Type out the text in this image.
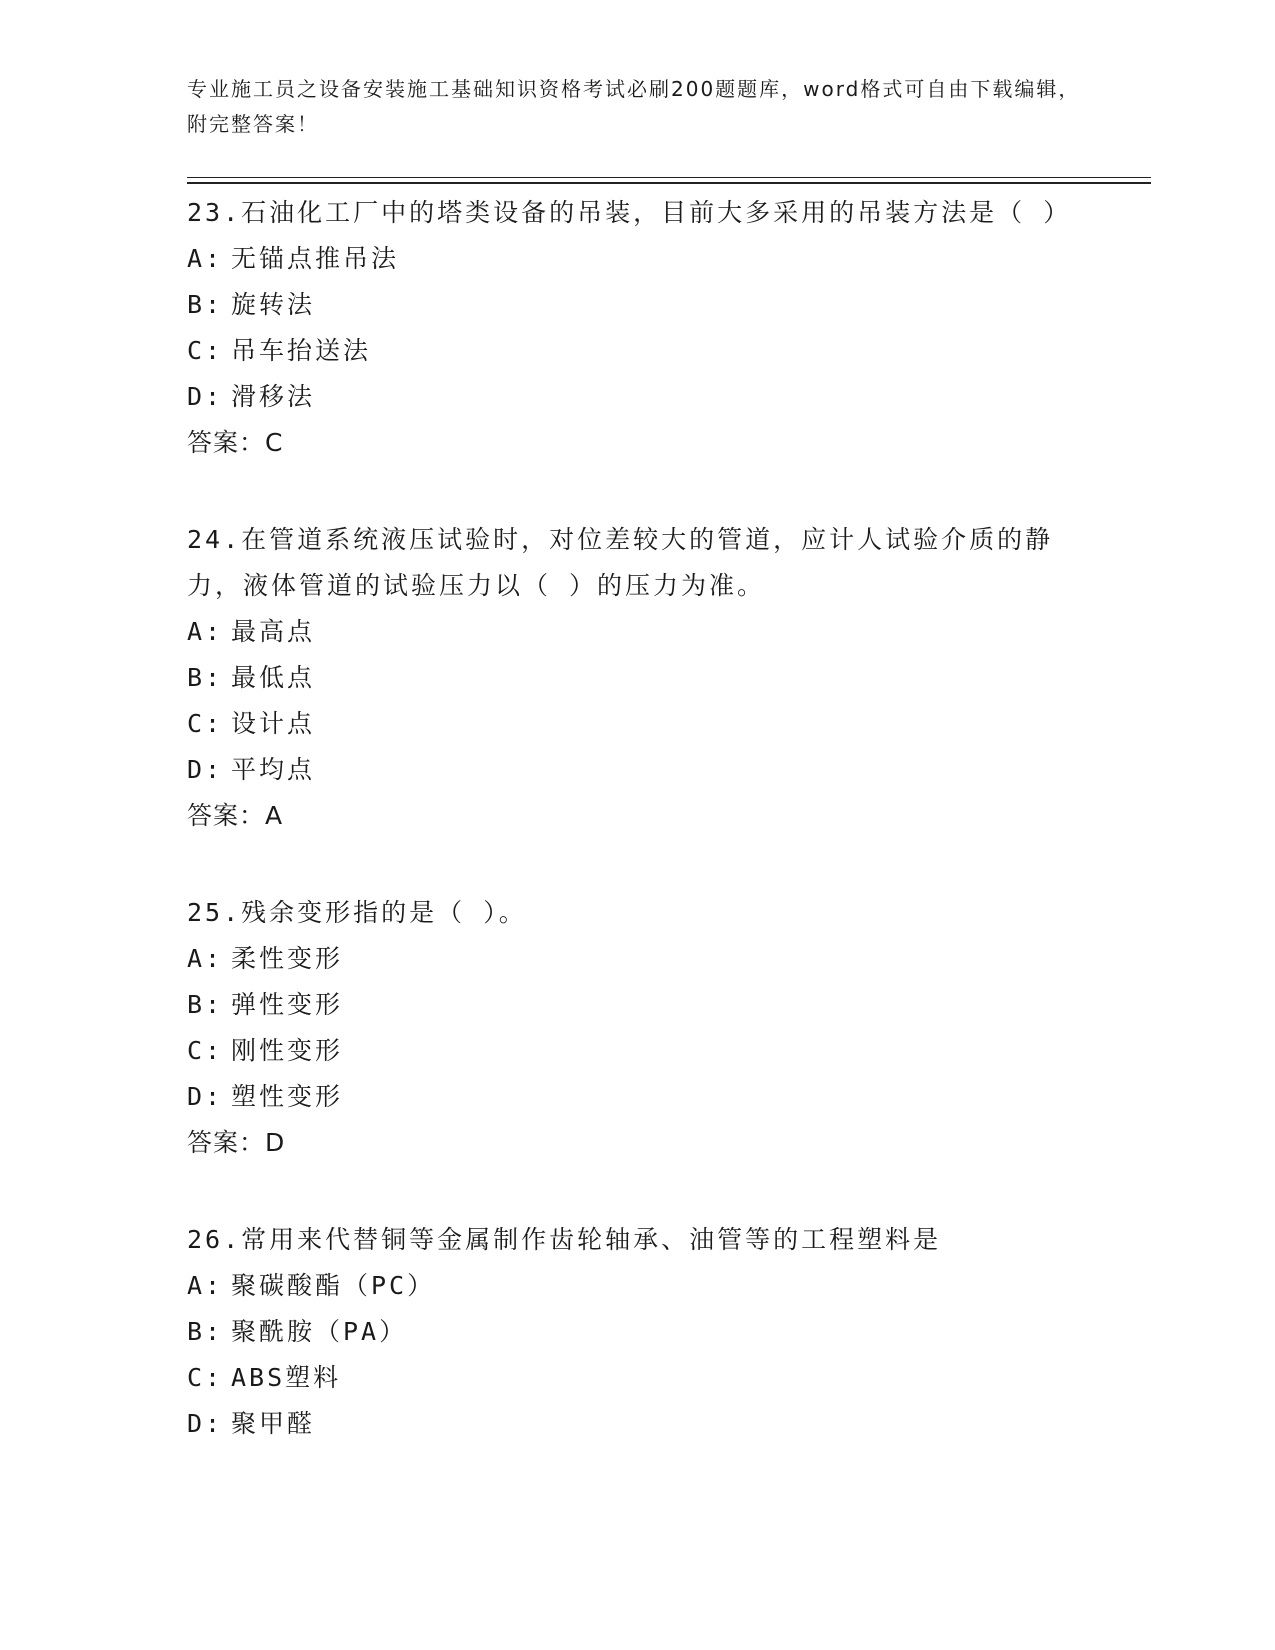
专业施工员之设备安装施工基础知识资格考试必刷200题题库，word格式可自由下载编辑，附完整答案！

23.石油化工厂中的塔类设备的吊装，目前大多采用的吊装方法是（ ）

A: 无锚点推吊法
B: 旋转法
C: 吊车抬送法
D: 滑移法
答案：C

24.在管道系统液压试验时，对位差较大的管道，应计人试验介质的静力，液体管道的试验压力以（ ）的压力为准。

A: 最高点
B: 最低点
C: 设计点
D: 平均点
答案：A

25.残余变形指的是（ ）。

A: 柔性变形
B: 弹性变形
C: 刚性变形
D: 塑性变形
答案：D

26.常用来代替铜等金属制作齿轮轴承、油管等的工程塑料是

A: 聚碳酸酯（PC）
B: 聚酰胺（PA）
C: ABS塑料
D: 聚甲醛
